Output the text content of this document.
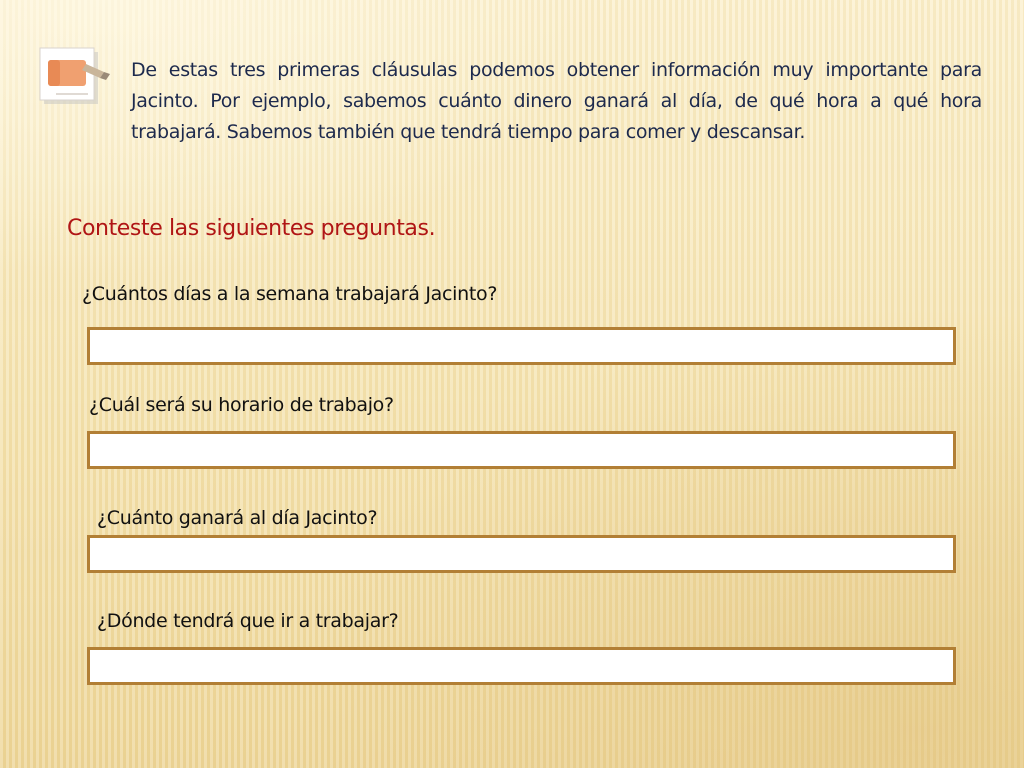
De estas tres primeras cláusulas podemos obtener información muy importante para Jacinto. Por ejemplo, sabemos cuánto dinero ganará al día, de qué hora a qué hora trabajará. Sabemos también que tendrá tiempo para comer y descansar.

Conteste las siguientes preguntas.

¿Cuántos días a la semana trabajará Jacinto?

¿Cuál será su horario de trabajo?

¿Cuánto ganará al día Jacinto?

¿Dónde tendrá que ir a trabajar?
